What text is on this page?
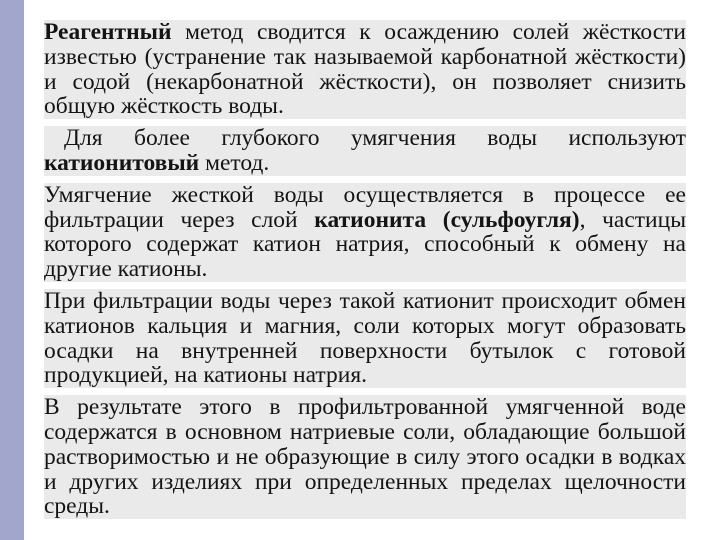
Реагентный метод сводится к осаждению солей жёсткости известью (устранение так называемой карбонатной жёсткости) и содой (некарбонатной жёсткости), он позволяет снизить общую жёсткость воды.

Для более глубокого умягчения воды используют катионитовый метод.

Умягчение жесткой воды осуществляется в процессе ее фильтрации через слой катионита (сульфоугля), частицы которого содержат катион натрия, способный к обмену на другие катионы.

При фильтрации воды через такой катионит происходит обмен катионов кальция и магния, соли которых могут образовать осадки на внутренней поверхности бутылок с готовой продукцией, на катионы натрия.

В результате этого в профильтрованной умягченной воде содержатся в основном натриевые соли, обладающие большой растворимостью и не образующие в силу этого осадки в водках и других изделиях при определенных пределах щелочности среды.
